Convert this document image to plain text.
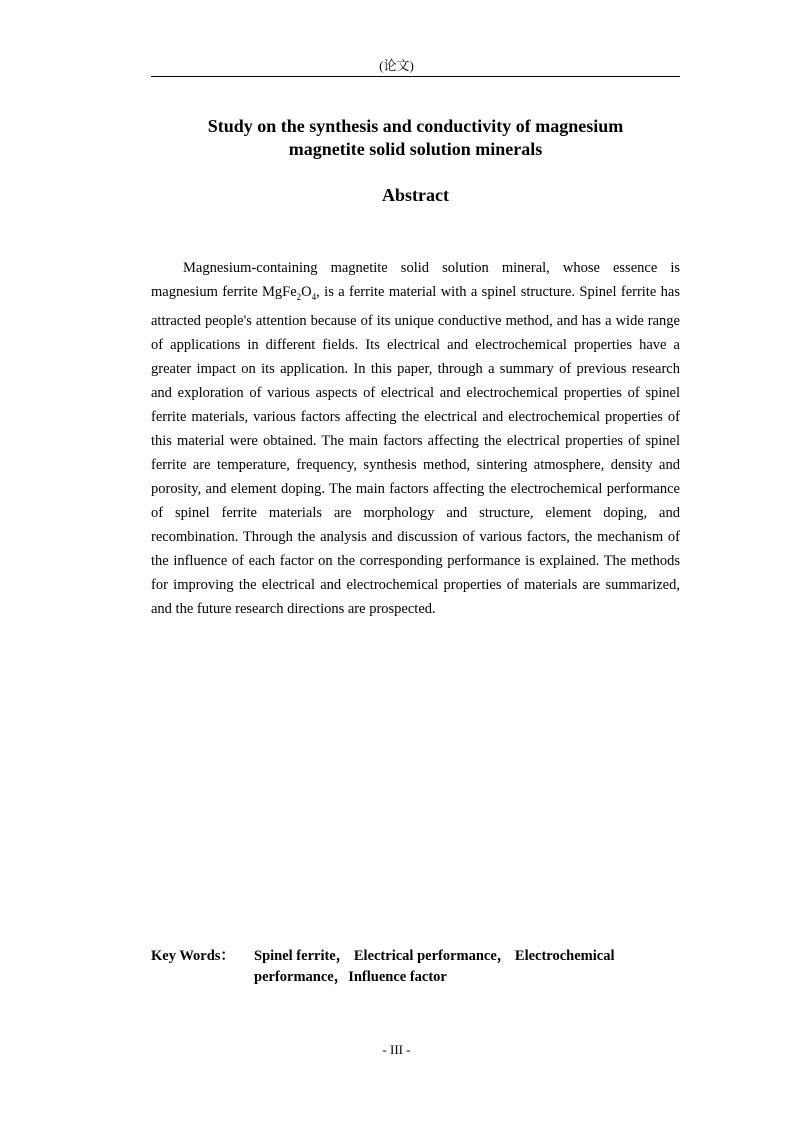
(论文)
Study on the synthesis and conductivity of magnesium
magnetite solid solution minerals
Abstract

Magnesium-containing magnetite solid solution mineral, whose essence is magnesium ferrite $MgFe_2O_4$, is a ferrite material with a spinel structure. Spinel ferrite has attracted people's attention because of its unique conductive method, and has a wide range of applications in different fields. Its electrical and electrochemical properties have a greater impact on its application. In this paper, through a summary of previous research and exploration of various aspects of electrical and electrochemical properties of spinel ferrite materials, various factors affecting the electrical and electrochemical properties of this material were obtained. The main factors affecting the electrical properties of spinel ferrite are temperature, frequency, synthesis method, sintering atmosphere, density and porosity, and element doping. The main factors affecting the electrochemical performance of spinel ferrite materials are morphology and structure, element doping, and recombination. Through the analysis and discussion of various factors, the mechanism of the influence of each factor on the corresponding performance is explained. The methods for improving the electrical and electrochemical properties of materials are summarized, and the future research directions are prospected.

Key Words：	Spinel ferrite， Electrical performance， Electrochemical performance，Influence factor
- III -
